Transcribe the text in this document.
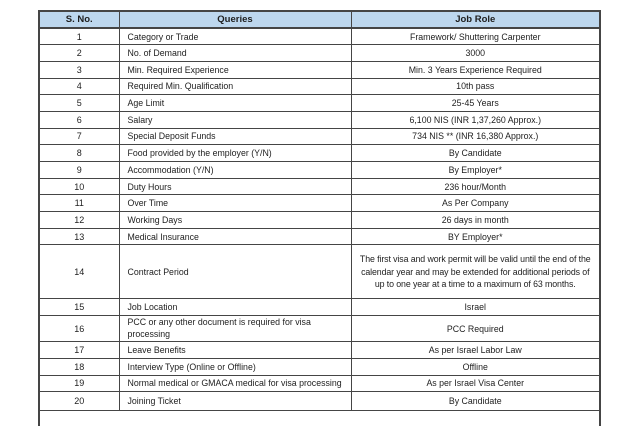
S. No.	Queries	Job Role
1	Category or Trade	Framework/ Shuttering Carpenter
2	No. of Demand	3000
3	Min. Required Experience	Min. 3 Years Experience Required
4	Required Min. Qualification	10th pass
5	Age Limit	25-45 Years
6	Salary	6,100 NIS (INR 1,37,260 Approx.)
7	Special Deposit Funds	734 NIS ** (INR 16,380 Approx.)
8	Food provided by the employer (Y/N)	By Candidate
9	Accommodation (Y/N)	By Employer*
10	Duty Hours	236 hour/Month
11	Over Time	As Per Company
12	Working Days	26 days in month
13	Medical Insurance	BY Employer*
14	Contract Period	The first visa and work permit will be valid until the end of the calendar year and may be extended for additional periods of up to one year at a time to a maximum of 63 months.
15	Job Location	Israel
16	PCC or any other document is required for visa processing	PCC Required
17	Leave Benefits	As per Israel Labor Law
18	Interview Type (Online or Offline)	Offline
19	Normal medical or GMACA medical for visa processing	As per Israel Visa Center
20	Joining Ticket	By Candidate
